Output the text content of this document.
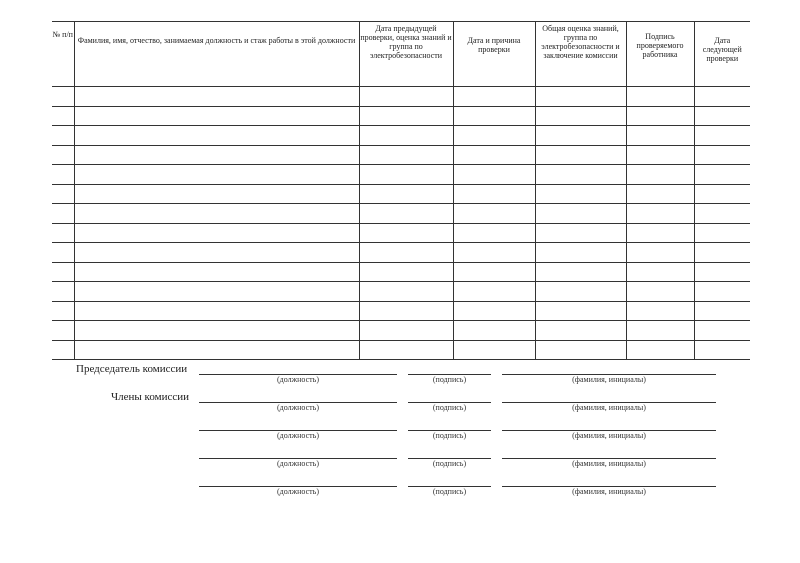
№ п/п	Фамилия, имя, отчество, занимаемая должность и стаж работы в этой должности	Дата предыдущей проверки, оценка знаний и группа по электробезопасности	Дата и причина проверки	Общая оценка знаний, группа по электробезопасности и заключение комиссии	Подпись проверяемого работника	Дата следующей проверки

Председатель комиссии
(должность)	(подпись)	(фамилия, инициалы)
Члены комиссии
(должность)	(подпись)	(фамилия, инициалы)
(должность)	(подпись)	(фамилия, инициалы)
(должность)	(подпись)	(фамилия, инициалы)
(должность)	(подпись)	(фамилия, инициалы)
